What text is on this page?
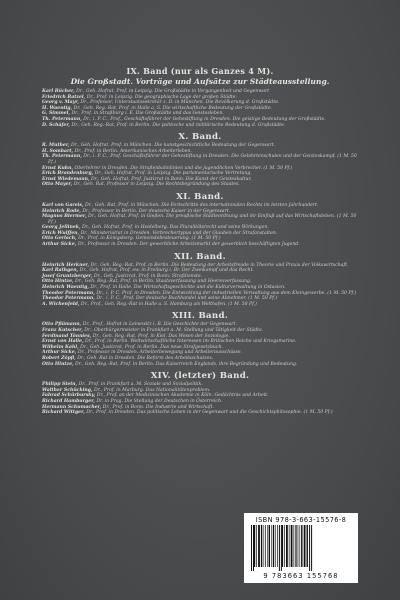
IX. Band (nur als Ganzes 4 M).
Die Großstadt. Vorträge und Aufsätze zur Städteausstellung.
Karl Bücher, Dr., Geh. Hofrat, Prof. in Leipzig. Die Großstädte in Vergangenheit und Gegenwart
Friedrich Ratzel, Dr., Prof. in Leipzig. Die geographische Lage der großen Städte.
Georg v. Mayr, Dr., Professor, Unterstaatssekretär z. D. in München. Die Bevölkerung d. Großstädte.
H. Waentig, Dr., Geh. Reg.-Rat, Prof. in Halle a. S. Die wirtschaftliche Bedeutung der Großstädte.
G. Simmel, Dr., Prof. in Straßburg i. E. Die Großstädte und das Geistesleben.
Th. Petermann, Dr., i. P. C., Prof., Geschäftsführer der Gehestiftung in Dresden. Die geistige Bedeutung der Großstädte.
D. Schäfer, Dr., Geh. Reg.-Rat, Prof. in Berlin. Die politische und militärische Bedeutung d. Großstädte.
X. Band.
R. Muther, Dr., Geh. Hofrat, Prof. in München. Die kunstgeschichtliche Bedeutung der Gegenwart.
H. Sombart, Dr., Prof. in Berlin. Amerikanisches Arbeiterleben.
Th. Petermann, Dr., i. P. C., Prof. Geschäftsführer der Gehestiftung in Dresden. Die Gelehrtenschulen und der Geisteskampf. (1 M. 50 Pf.)
Ernst Kuhn, Oberlehrer in Dresden. Die Straßenbahnlinien und die jugendlichen Verbrecher. (1 M. 50 Pf.)
Erich Brandenburg, Dr., Geh. Hofrat, Prof. in Leipzig. Die parlamentarische Vertretung.
Ernst Wiedemann, Dr., Geh. Hofrat, Prof. Justizrat in Bonn. Die Kunst der Geisteskultur.
Otto Mayer, Dr., Geh. Rat, Professor in Leipzig. Die Rechtsbegründung des Staates.
XI. Band.
Karl von Gareis, Dr., Geh. Rat, Prof. in München. Die Fortschritte des internationalen Rechts im letzten Jahrhundert.
Heinrich Rode, Dr., Professor in Berlin. Der deutsche Kaiser in der Gegenwart.
Magnus Biermer, Dr., Geh. Hofrat, Prof. in Gießen. Die preußische Städteordnung und ihr Einfluß auf das Wirtschaftsleben. (1 M. 50 Pf.)
Georg Jellinek, Dr., Geh. Hofrat, Prof. in Heidelberg. Das Pluralitätsrecht und seine Wirkungen.
Erich Wulffen, Dr., Ministerialrat in Dresden. Verbrechertypus und der Glauben der Strafanstalten.
Otto Gerlach, Dr., Prof. in Königsberg. Gemeindebesteuerung. (1 M. 50 Pf.)
Arthur Sicke, Dr., Professor in Dresden. Der gewerbliche Arbeitsmarkt der gewerblich beschäftigten Jugend.
XII. Band.
Heinrich Herkner, Dr., Geh. Reg.-Rat, Prof. in Berlin. Die Bedeutung der Arbeitsfreude in Theorie und Praxis der Volkswirtschaft.
Karl Rathgen, Dr., Geh. Hofrat, Prof. ew. in Freiburg i. Br. Der Zweikampf und das Recht.
Josef Gruntzberger, Dr., Geh. Justizrat, Prof. in Bonn. Strafdienste.
Otto Hintze, Dr., Geh. Reg.-Rat, Prof. in Berlin. Staatsverfassung und Heeresverfassung.
Heinrich Waentig, Dr., Prof. in Halle. Die Wirtschaftsgeschichte und die Kulturverwaltung in Ostasien.
Theodor Petermann, Dr., i. P. C. Prof. in Dresden. Die Entwicklung der industriellen Verwaltung aus dem Kleingewerbe. (1 M. 50 Pf.)
Theodor Petermann, Dr., i. P. C., Prof. Der deutsche Buchhandel und seine Abnehmer. (1 M. 50 Pf.)
A. Wichenfeld, Dr., Prof., Geh. Reg.-Rat in Halle a. S. Hamburg als Welthafen. (1 M. 50 Pf.)
XIII. Band.
Otto Pflümann, Dr., Prof., Hofrat in Leinewitz i. B. Die Geschichte der Gegenwart.
Franz Kutscher, Dr., Oberbürgermeister in Frankfurt a. M. Stellung und Tätigkeit der Städte.
Ferdinand Tönnies, Dr., Geh. Reg.-Rat, Prof. in Kiel. Das Wesen der Soziologie.
Ernst von Halle, Dr., Prof. in Berlin. Weltwirtschaftliche Interessen im Britischen Reiche und Kriegsmarine.
Wilhelm Kahl, Dr., Geh. Justizrat, Prof. in Berlin. Das neue Strafgesetzbuch.
Arthur Sicke, Dr., Professor in Dresden. Arbeiterbewegung und Arbeiterausschüsse.
Robert Zöpfl, Dr., Geh. Rat in Dresden. Die Reform des Arbeitsschutzes.
Otto Hintze, Dr., Geh. Reg.-Rat, Prof. in Berlin. Das Kaiserreich Englands, ihre Begründung und Bedeutung.
XIV. (letzter) Band.
Philipp Stein, Dr., Prof. in Frankfurt a. M. Soziale und Sozialpolitik.
Walther Schücking, Dr., Prof. in Marburg. Das Nationalitätenproblem.
Fahrad Schürbursky, Dr., Prof. an der Medizinischen Akademie in Köln. Gedächtnis und Arbeit.
Richard Hamburger, Dr. in Prag. Die Stellung der Deutschen in Österreich.
Hermann Schumacher, Dr., Prof. in Bonn. Die Industrie und Wirtschaft.
Richard Wittger, Dr., Prof. in Dresden. Das politische Leben in der Gegenwart und die Geschichtsphilosophie. (1 M. 50 Pf.)
ISBN 978-3-663-15576-8
9 783663 155768
